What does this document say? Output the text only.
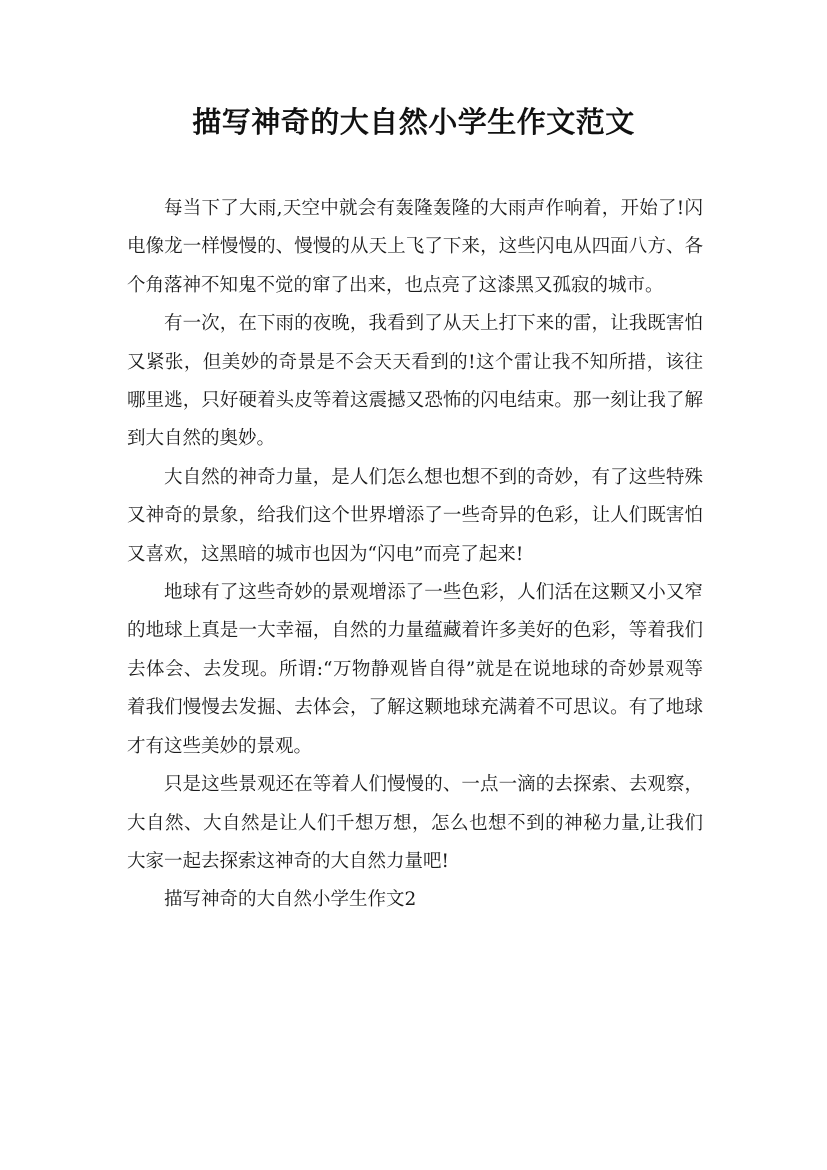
描写神奇的大自然小学生作文范文

每当下了大雨,天空中就会有轰隆轰隆的大雨声作响着，开始了!闪电像龙一样慢慢的、慢慢的从天上飞了下来，这些闪电从四面八方、各个角落神不知鬼不觉的窜了出来，也点亮了这漆黑又孤寂的城市。

有一次，在下雨的夜晚，我看到了从天上打下来的雷，让我既害怕又紧张，但美妙的奇景是不会天天看到的!这个雷让我不知所措，该往哪里逃，只好硬着头皮等着这震撼又恐怖的闪电结束。那一刻让我了解到大自然的奥妙。

大自然的神奇力量，是人们怎么想也想不到的奇妙，有了这些特殊又神奇的景象，给我们这个世界增添了一些奇异的色彩，让人们既害怕又喜欢，这黑暗的城市也因为“闪电”而亮了起来!

地球有了这些奇妙的景观增添了一些色彩，人们活在这颗又小又窄的地球上真是一大幸福，自然的力量蕴藏着许多美好的色彩，等着我们去体会、去发现。所谓:“万物静观皆自得”就是在说地球的奇妙景观等着我们慢慢去发掘、去体会，了解这颗地球充满着不可思议。有了地球才有这些美妙的景观。

只是这些景观还在等着人们慢慢的、一点一滴的去探索、去观察，大自然、大自然是让人们千想万想，怎么也想不到的神秘力量,让我们大家一起去探索这神奇的大自然力量吧!

描写神奇的大自然小学生作文2
